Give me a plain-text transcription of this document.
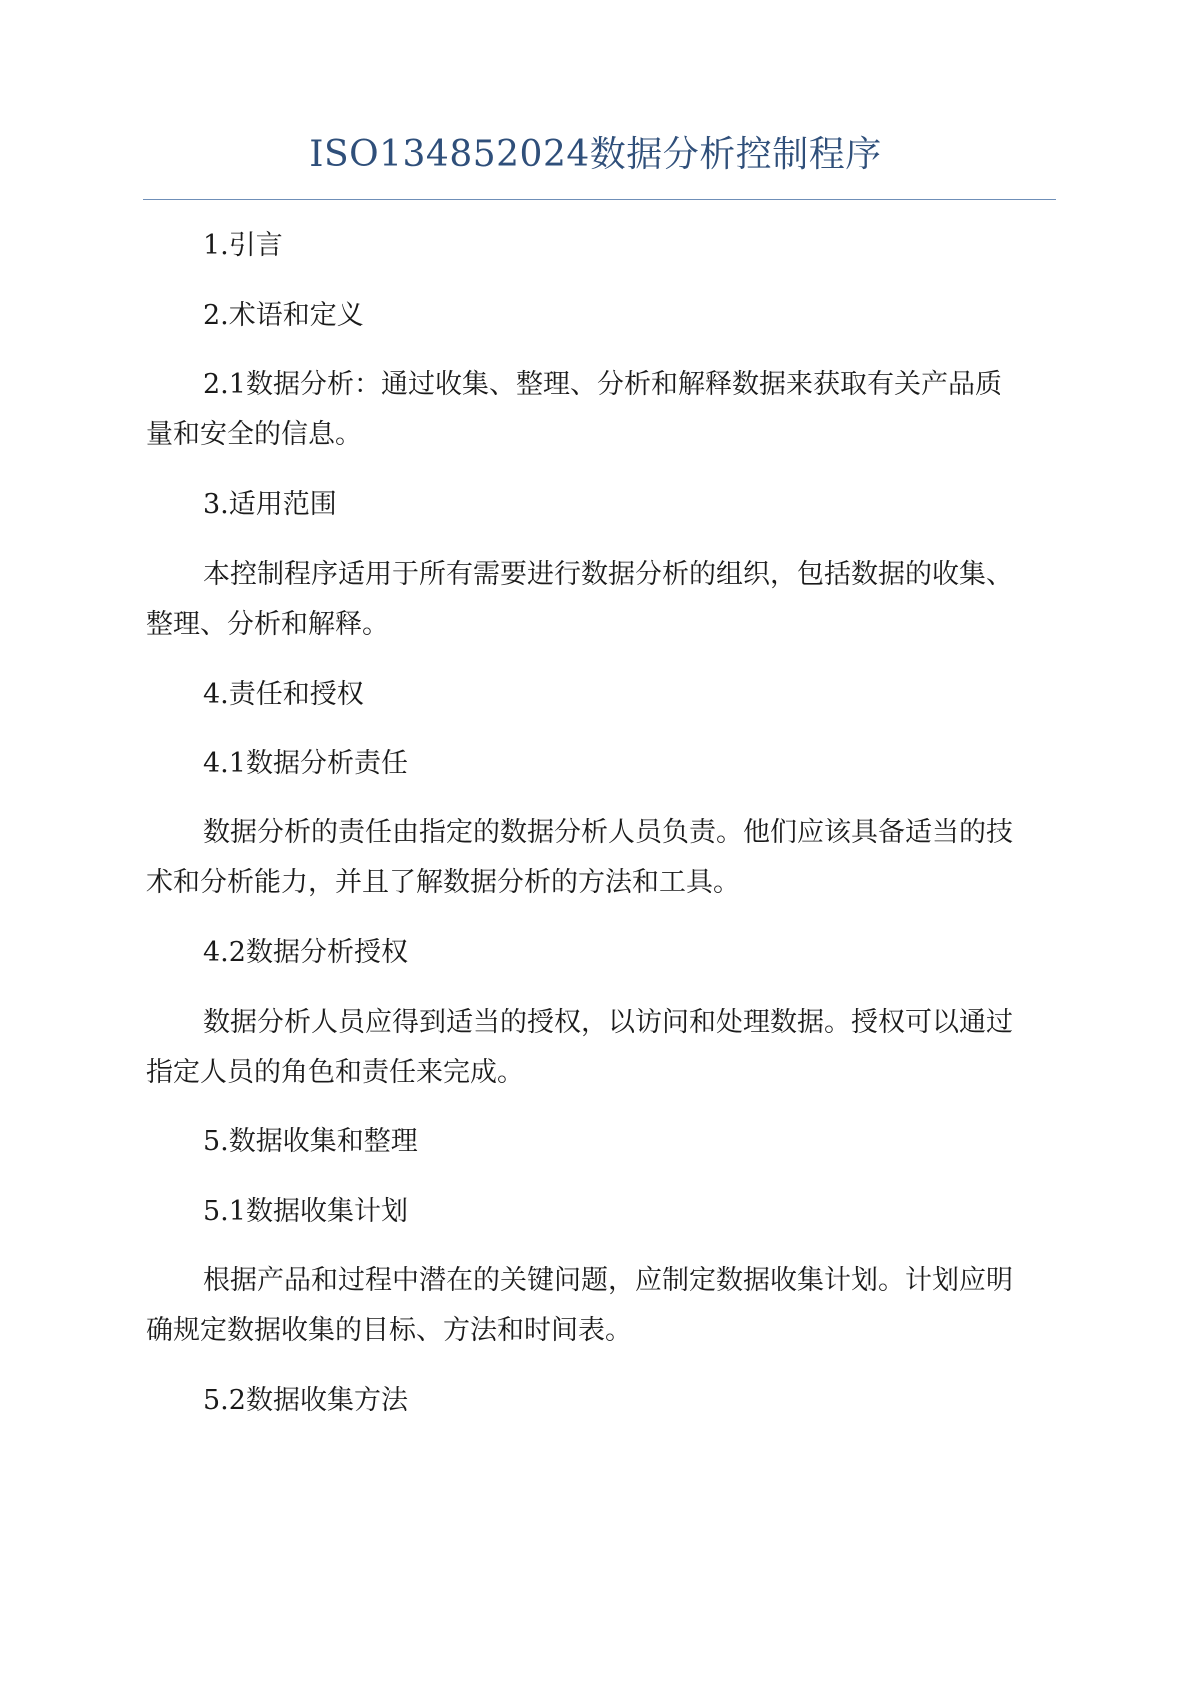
ISO134852024数据分析控制程序
1.引言
2.术语和定义
2.1数据分析：通过收集、整理、分析和解释数据来获取有关产品质
量和安全的信息。
3.适用范围
本控制程序适用于所有需要进行数据分析的组织，包括数据的收集、
整理、分析和解释。
4.责任和授权
4.1数据分析责任
数据分析的责任由指定的数据分析人员负责。他们应该具备适当的技
术和分析能力，并且了解数据分析的方法和工具。
4.2数据分析授权
数据分析人员应得到适当的授权，以访问和处理数据。授权可以通过
指定人员的角色和责任来完成。
5.数据收集和整理
5.1数据收集计划
根据产品和过程中潜在的关键问题，应制定数据收集计划。计划应明
确规定数据收集的目标、方法和时间表。
5.2数据收集方法
